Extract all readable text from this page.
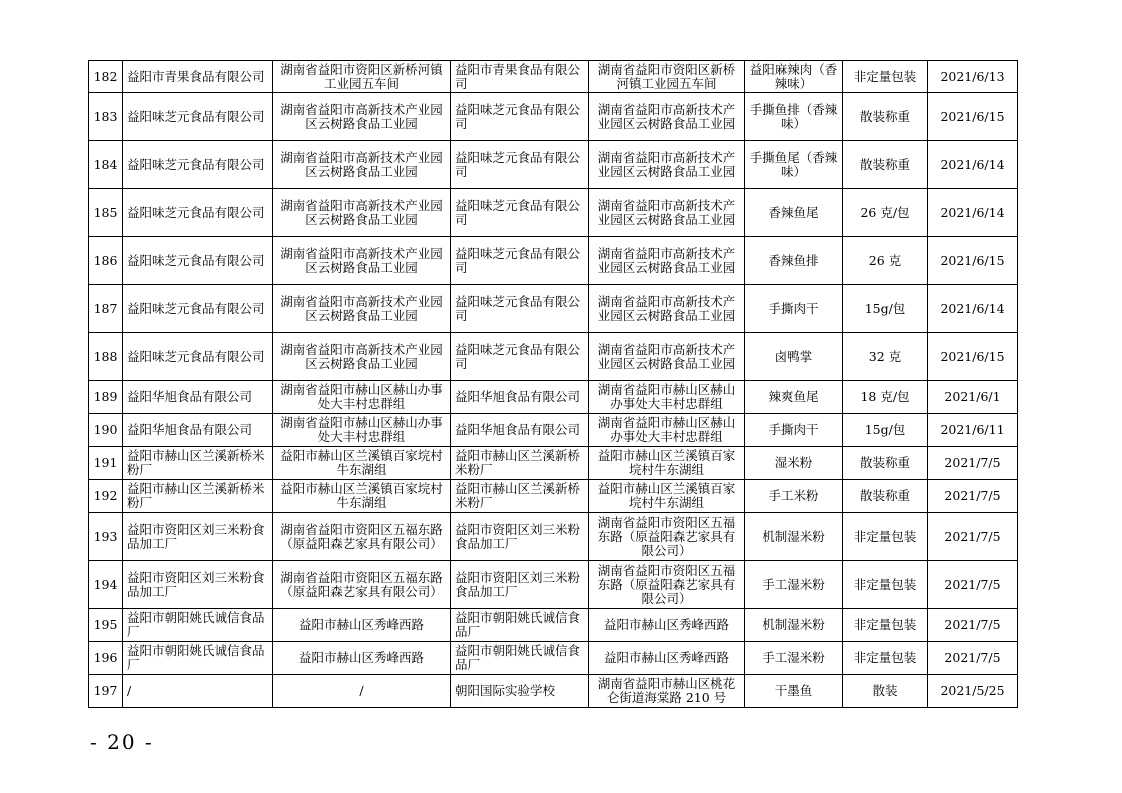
182	益阳市青果食品有限公司	湖南省益阳市资阳区新桥河镇工业园五车间	益阳市青果食品有限公司	湖南省益阳市资阳区新桥河镇工业园五车间	益阳麻辣肉（香辣味）	非定量包装	2021/6/13
183	益阳味芝元食品有限公司	湖南省益阳市高新技术产业园区云树路食品工业园	益阳味芝元食品有限公司	湖南省益阳市高新技术产业园区云树路食品工业园	手撕鱼排（香辣味）	散装称重	2021/6/15
184	益阳味芝元食品有限公司	湖南省益阳市高新技术产业园区云树路食品工业园	益阳味芝元食品有限公司	湖南省益阳市高新技术产业园区云树路食品工业园	手撕鱼尾（香辣味）	散装称重	2021/6/14
185	益阳味芝元食品有限公司	湖南省益阳市高新技术产业园区云树路食品工业园	益阳味芝元食品有限公司	湖南省益阳市高新技术产业园区云树路食品工业园	香辣鱼尾	26 克/包	2021/6/14
186	益阳味芝元食品有限公司	湖南省益阳市高新技术产业园区云树路食品工业园	益阳味芝元食品有限公司	湖南省益阳市高新技术产业园区云树路食品工业园	香辣鱼排	26 克	2021/6/15
187	益阳味芝元食品有限公司	湖南省益阳市高新技术产业园区云树路食品工业园	益阳味芝元食品有限公司	湖南省益阳市高新技术产业园区云树路食品工业园	手撕肉干	15g/包	2021/6/14
188	益阳味芝元食品有限公司	湖南省益阳市高新技术产业园区云树路食品工业园	益阳味芝元食品有限公司	湖南省益阳市高新技术产业园区云树路食品工业园	卤鸭掌	32 克	2021/6/15
189	益阳华旭食品有限公司	湖南省益阳市赫山区赫山办事处大丰村忠群组	益阳华旭食品有限公司	湖南省益阳市赫山区赫山办事处大丰村忠群组	辣爽鱼尾	18 克/包	2021/6/1
190	益阳华旭食品有限公司	湖南省益阳市赫山区赫山办事处大丰村忠群组	益阳华旭食品有限公司	湖南省益阳市赫山区赫山办事处大丰村忠群组	手撕肉干	15g/包	2021/6/11
191	益阳市赫山区兰溪新桥米粉厂	益阳市赫山区兰溪镇百家垸村牛东湖组	益阳市赫山区兰溪新桥米粉厂	益阳市赫山区兰溪镇百家垸村牛东湖组	湿米粉	散装称重	2021/7/5
192	益阳市赫山区兰溪新桥米粉厂	益阳市赫山区兰溪镇百家垸村牛东湖组	益阳市赫山区兰溪新桥米粉厂	益阳市赫山区兰溪镇百家垸村牛东湖组	手工米粉	散装称重	2021/7/5
193	益阳市资阳区刘三米粉食品加工厂	湖南省益阳市资阳区五福东路（原益阳森艺家具有限公司）	益阳市资阳区刘三米粉食品加工厂	湖南省益阳市资阳区五福东路（原益阳森艺家具有限公司）	机制湿米粉	非定量包装	2021/7/5
194	益阳市资阳区刘三米粉食品加工厂	湖南省益阳市资阳区五福东路（原益阳森艺家具有限公司）	益阳市资阳区刘三米粉食品加工厂	湖南省益阳市资阳区五福东路（原益阳森艺家具有限公司）	手工湿米粉	非定量包装	2021/7/5
195	益阳市朝阳姚氏诚信食品厂	益阳市赫山区秀峰西路	益阳市朝阳姚氏诚信食品厂	益阳市赫山区秀峰西路	机制湿米粉	非定量包装	2021/7/5
196	益阳市朝阳姚氏诚信食品厂	益阳市赫山区秀峰西路	益阳市朝阳姚氏诚信食品厂	益阳市赫山区秀峰西路	手工湿米粉	非定量包装	2021/7/5
197	/	/	朝阳国际实验学校	湖南省益阳市赫山区桃花仑街道海棠路 210 号	干墨鱼	散装	2021/5/25
- 20 -
